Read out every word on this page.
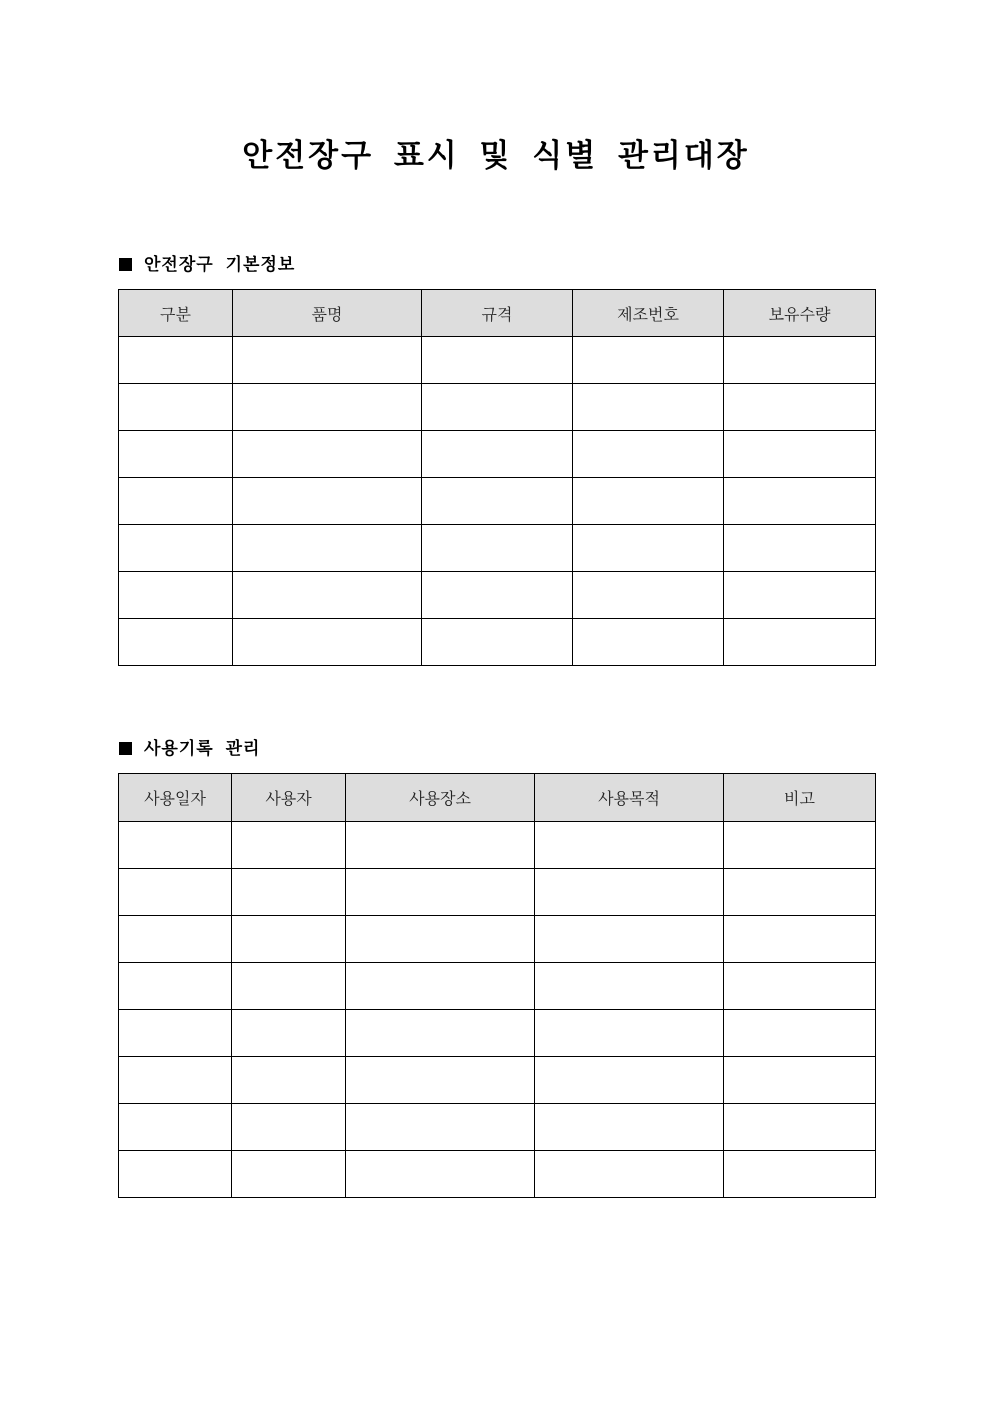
안전장구 표시 및 식별 관리대장
안전장구 기본정보
구분	품명	규격	제조번호	보유수량

사용기록 관리
사용일자	사용자	사용장소	사용목적	비고
